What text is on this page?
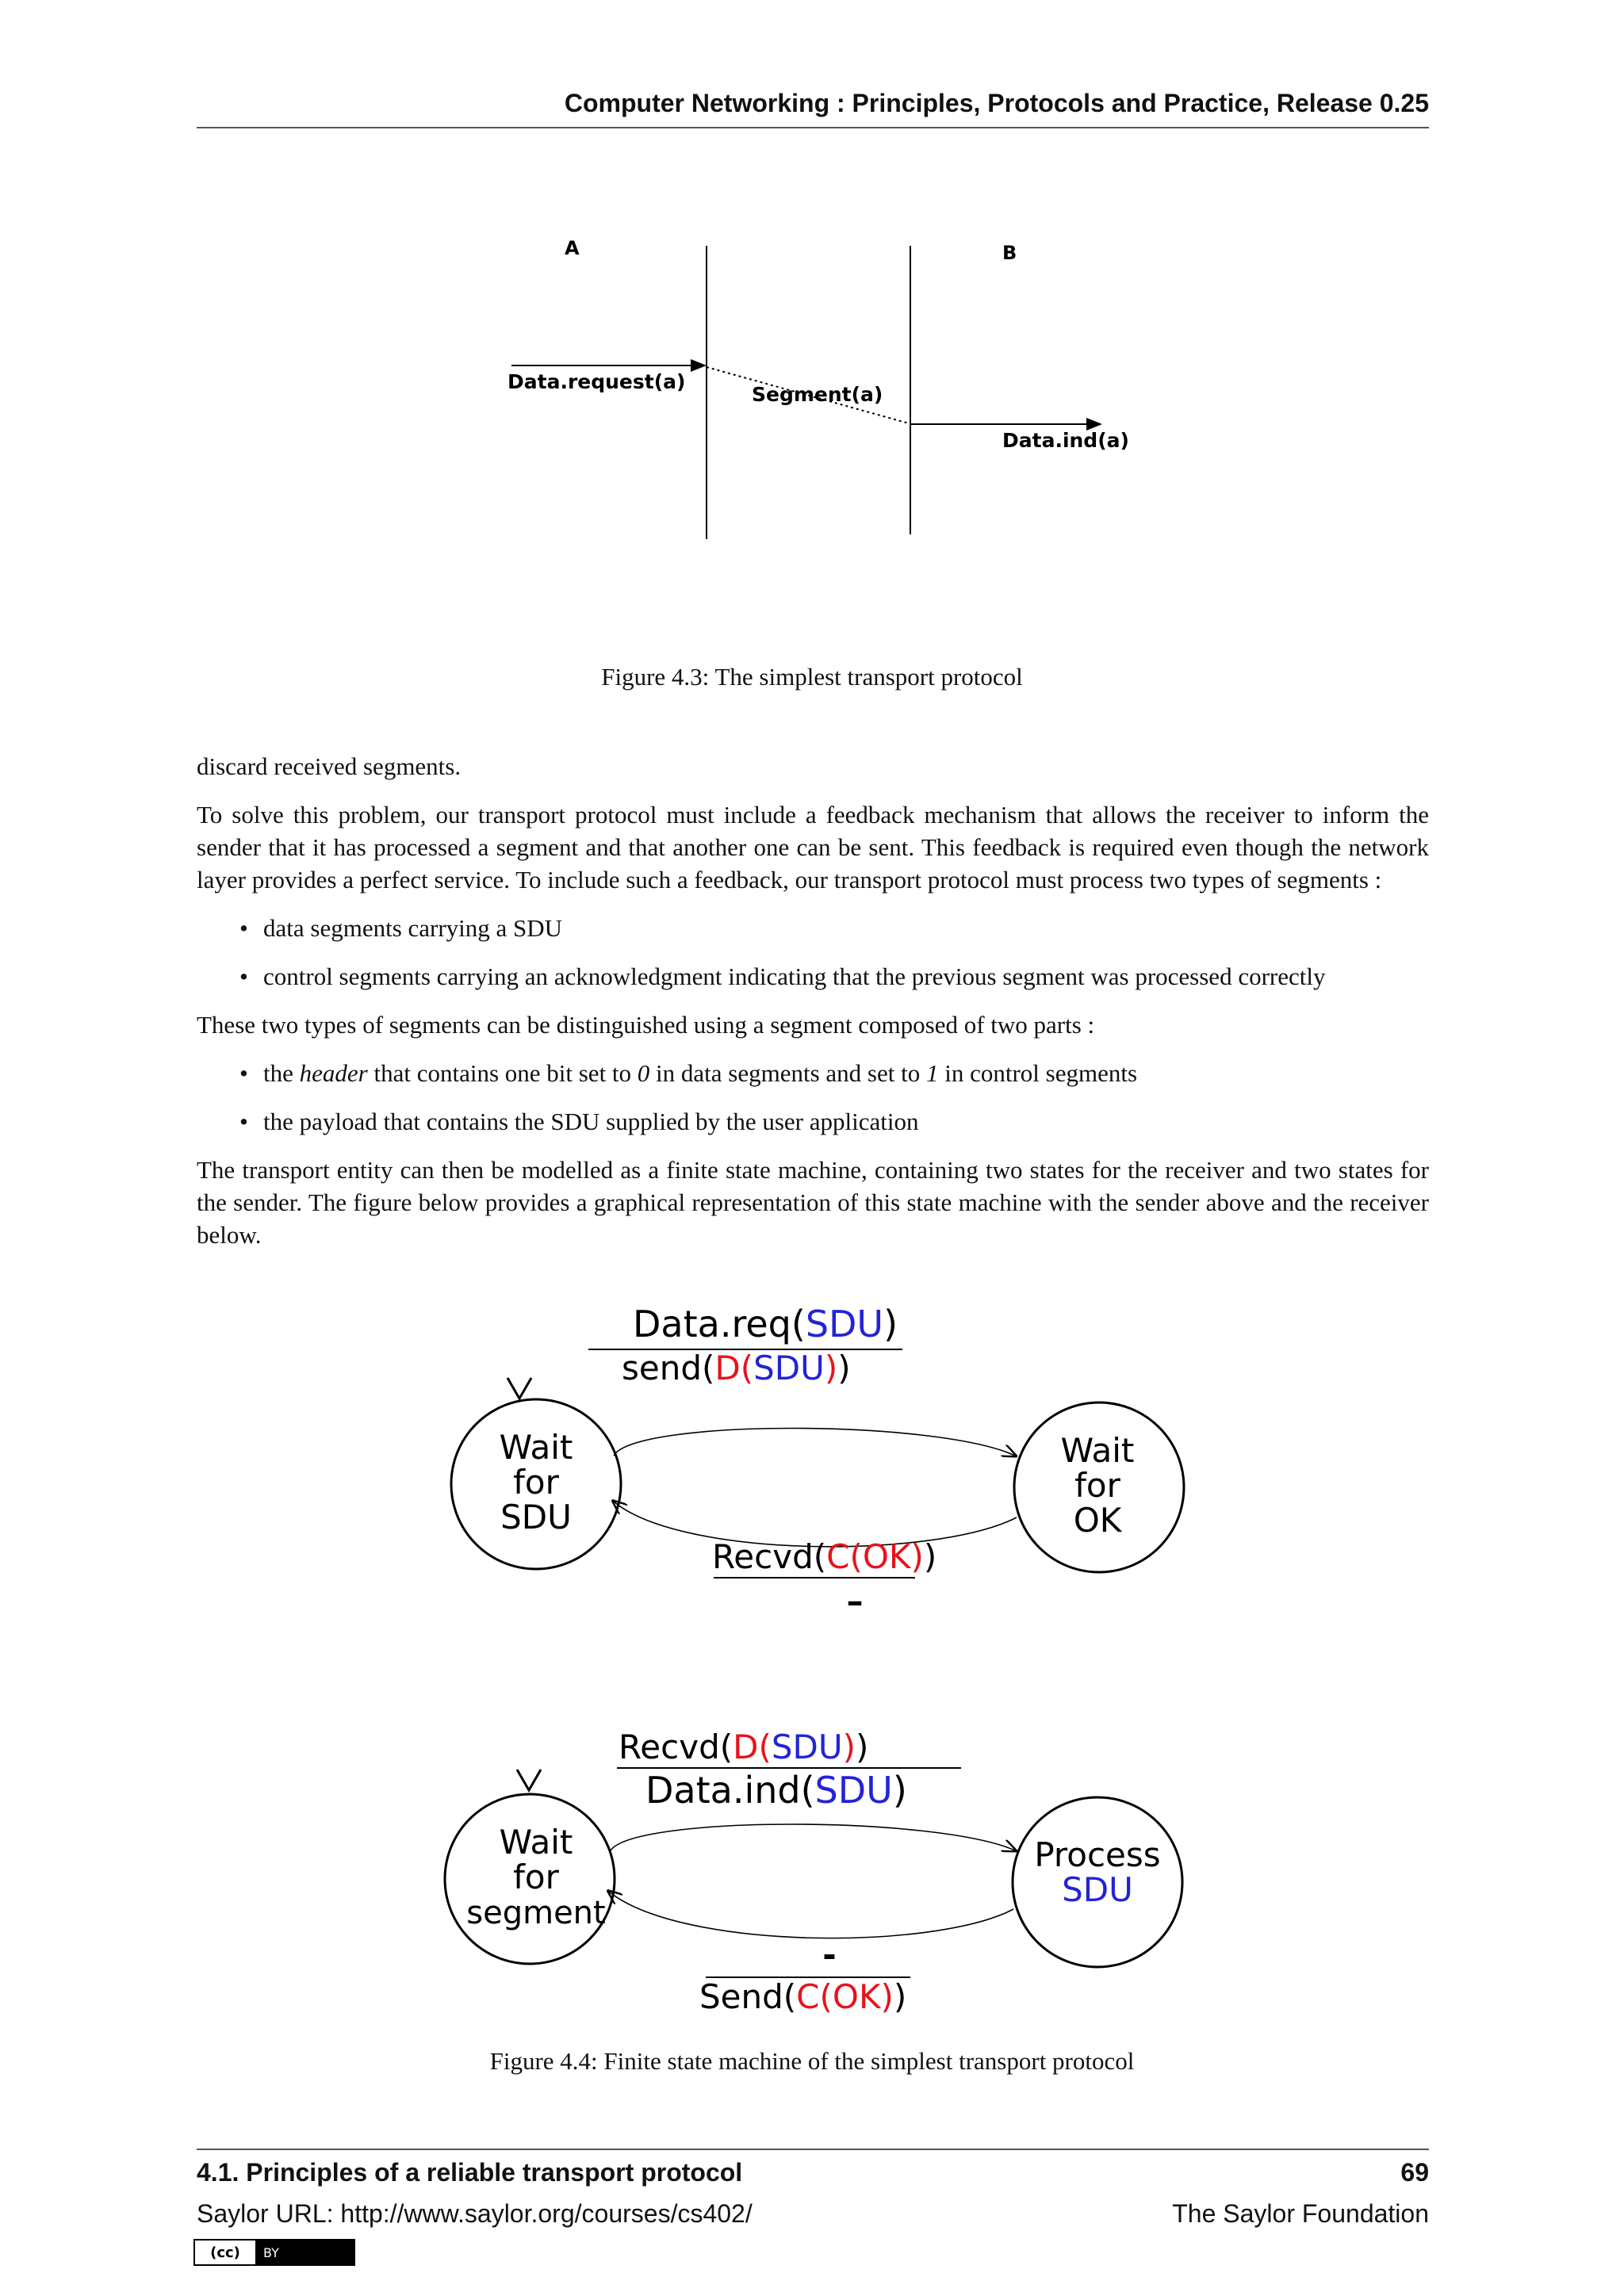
Computer Networking : Principles, Protocols and Practice, Release 0.25
A	B
Data.request(a)
Segment(a)
Data.ind(a)
Figure 4.3: The simplest transport protocol

discard received segments.

To solve this problem, our transport protocol must include a feedback mechanism that allows the receiver to inform the sender that it has processed a segment and that another one can be sent. This feedback is required even though the network layer provides a perfect service. To include such a feedback, our transport protocol must process two types of segments :

• data segments carrying a SDU
• control segments carrying an acknowledgment indicating that the previous segment was processed correctly

These two types of segments can be distinguished using a segment composed of two parts :

• the header that contains one bit set to 0 in data segments and set to 1 in control segments
• the payload that contains the SDU supplied by the user application

The transport entity can then be modelled as a finite state machine, containing two states for the receiver and two states for the sender. The figure below provides a graphical representation of this state machine with the sender above and the receiver below.

Data.req(SDU)
send(D(SDU))
Wait
for
SDU
Wait
for
OK
Recvd(C(OK))
–
Recvd(D(SDU))
Data.ind(SDU)
Wait
for
segment
Process
SDU
-
Send(C(OK))
Figure 4.4: Finite state machine of the simplest transport protocol
4.1. Principles of a reliable transport protocol	69
Saylor URL: http://www.saylor.org/courses/cs402/	The Saylor Foundation
(cc)	BY
